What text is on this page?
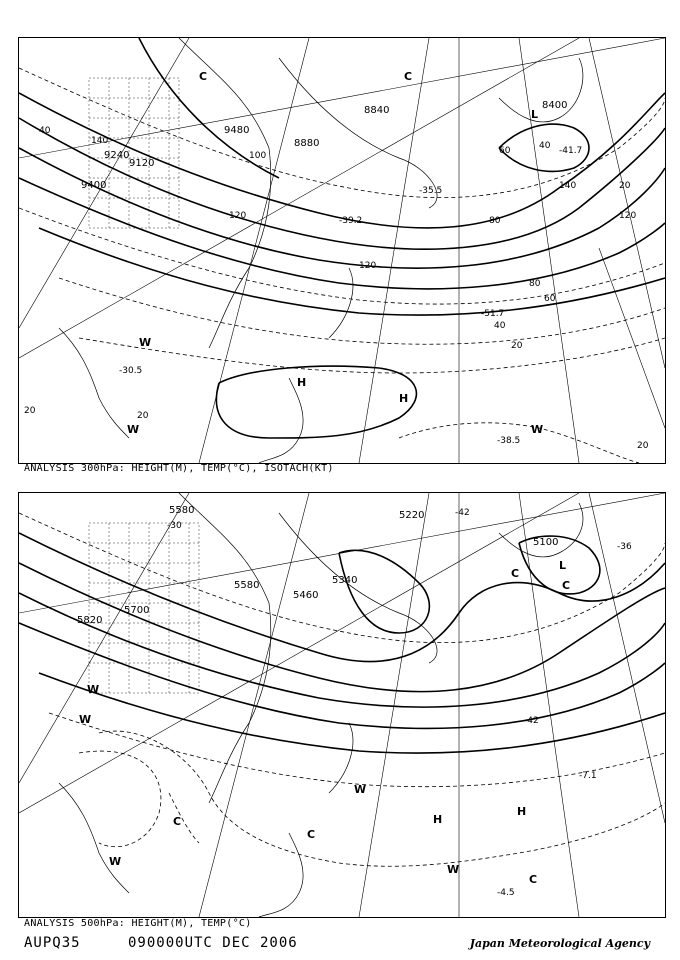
9120
9240
9480
8840
8880
8400
9400
140
120
100
80
60	40
20
140
120
120
80
60
40
20
20	20
40
20
-35.5
-51.7
-41.7
-38.5
-30.5
-39.2
C	C
L
H
H
W
W	W
ANALYSIS 300hPa: HEIGHT(M), TEMP(°C), ISOTACH(KT)
5580
5700
5820
5580	5340
5460
5220
5100
-30
-42
-36
-42
-7.1
-4.5
C
L
C
C	H
H
C
C
W
W
W
W
W
ANALYSIS 500hPa: HEIGHT(M), TEMP(°C)
AUPQ35	090000UTC DEC 2006	Japan Meteorological Agency
